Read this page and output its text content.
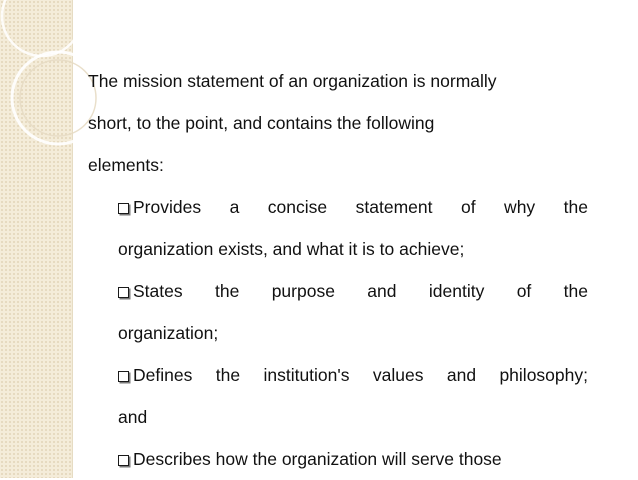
The mission statement of an organization is normally
short, to the point, and contains the following
elements:
Provides a concise statement of why the
organization exists, and what it is to achieve;
States the purpose and identity of the
organization;
Defines the institution's values and philosophy;
and
Describes how the organization will serve those
